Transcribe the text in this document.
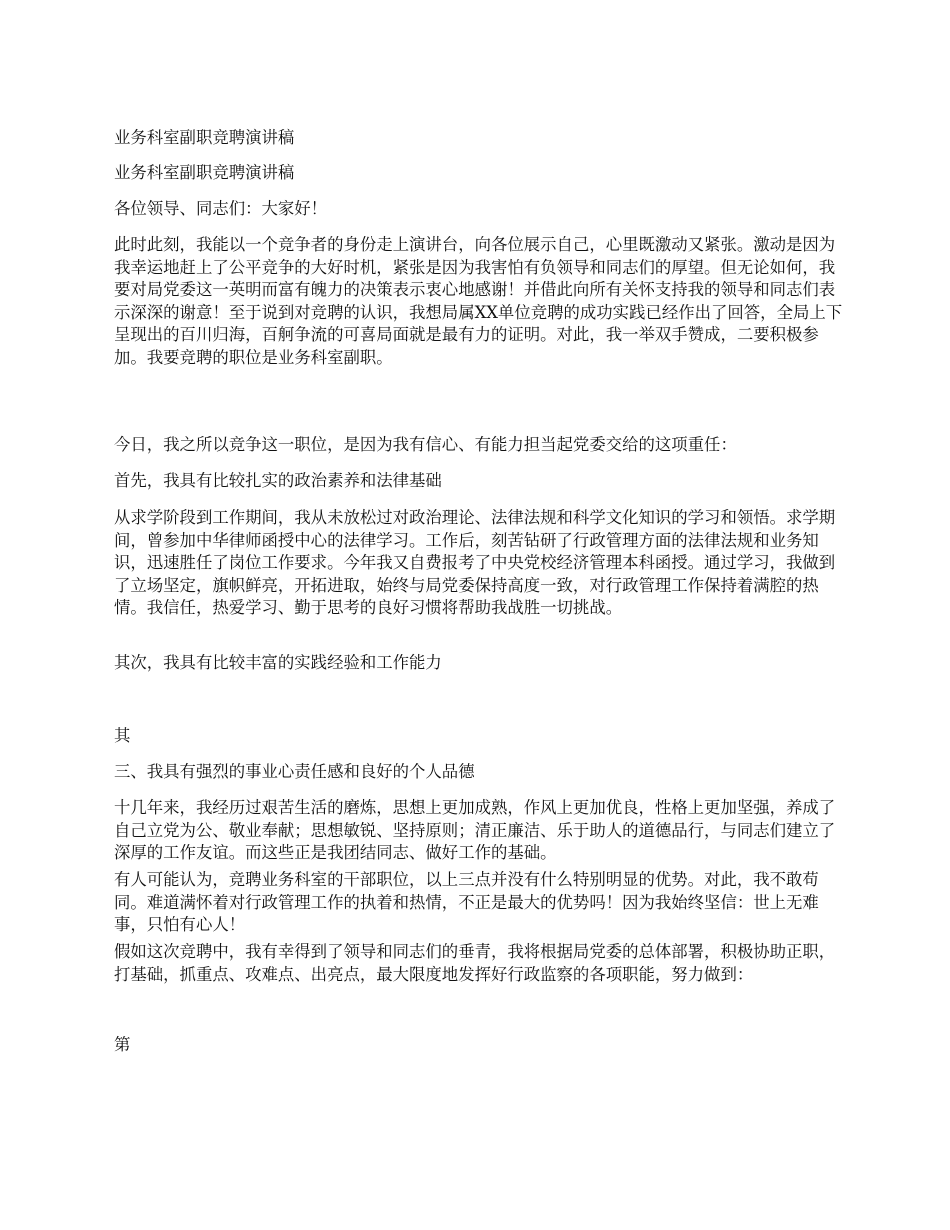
业务科室副职竞聘演讲稿

业务科室副职竞聘演讲稿

各位领导、同志们：大家好！

此时此刻，我能以一个竞争者的身份走上演讲台，向各位展示自己，心里既激动又紧张。激动是因为我幸运地赶上了公平竞争的大好时机，紧张是因为我害怕有负领导和同志们的厚望。但无论如何，我要对局党委这一英明而富有魄力的决策表示衷心地感谢！并借此向所有关怀支持我的领导和同志们表示深深的谢意！至于说到对竞聘的认识，我想局属XX单位竞聘的成功实践已经作出了回答，全局上下呈现出的百川归海，百舸争流的可喜局面就是最有力的证明。对此，我一举双手赞成，二要积极参加。我要竞聘的职位是业务科室副职。

今日，我之所以竞争这一职位，是因为我有信心、有能力担当起党委交给的这项重任：

首先，我具有比较扎实的政治素养和法律基础

从求学阶段到工作期间，我从未放松过对政治理论、法律法规和科学文化知识的学习和领悟。求学期间，曾参加中华律师函授中心的法律学习。工作后，刻苦钻研了行政管理方面的法律法规和业务知识，迅速胜任了岗位工作要求。今年我又自费报考了中央党校经济管理本科函授。通过学习，我做到了立场坚定，旗帜鲜亮，开拓进取，始终与局党委保持高度一致，对行政管理工作保持着满腔的热情。我信任，热爱学习、勤于思考的良好习惯将帮助我战胜一切挑战。

其次，我具有比较丰富的实践经验和工作能力

其

三、我具有强烈的事业心责任感和良好的个人品德

十几年来，我经历过艰苦生活的磨炼，思想上更加成熟，作风上更加优良，性格上更加坚强，养成了自己立党为公、敬业奉献；思想敏锐、坚持原则；清正廉洁、乐于助人的道德品行，与同志们建立了深厚的工作友谊。而这些正是我团结同志、做好工作的基础。

有人可能认为，竞聘业务科室的干部职位，以上三点并没有什么特别明显的优势。对此，我不敢苟同。难道满怀着对行政管理工作的执着和热情，不正是最大的优势吗！因为我始终坚信：世上无难事，只怕有心人！

假如这次竞聘中，我有幸得到了领导和同志们的垂青，我将根据局党委的总体部署，积极协助正职，打基础，抓重点、攻难点、出亮点，最大限度地发挥好行政监察的各项职能，努力做到：

第
